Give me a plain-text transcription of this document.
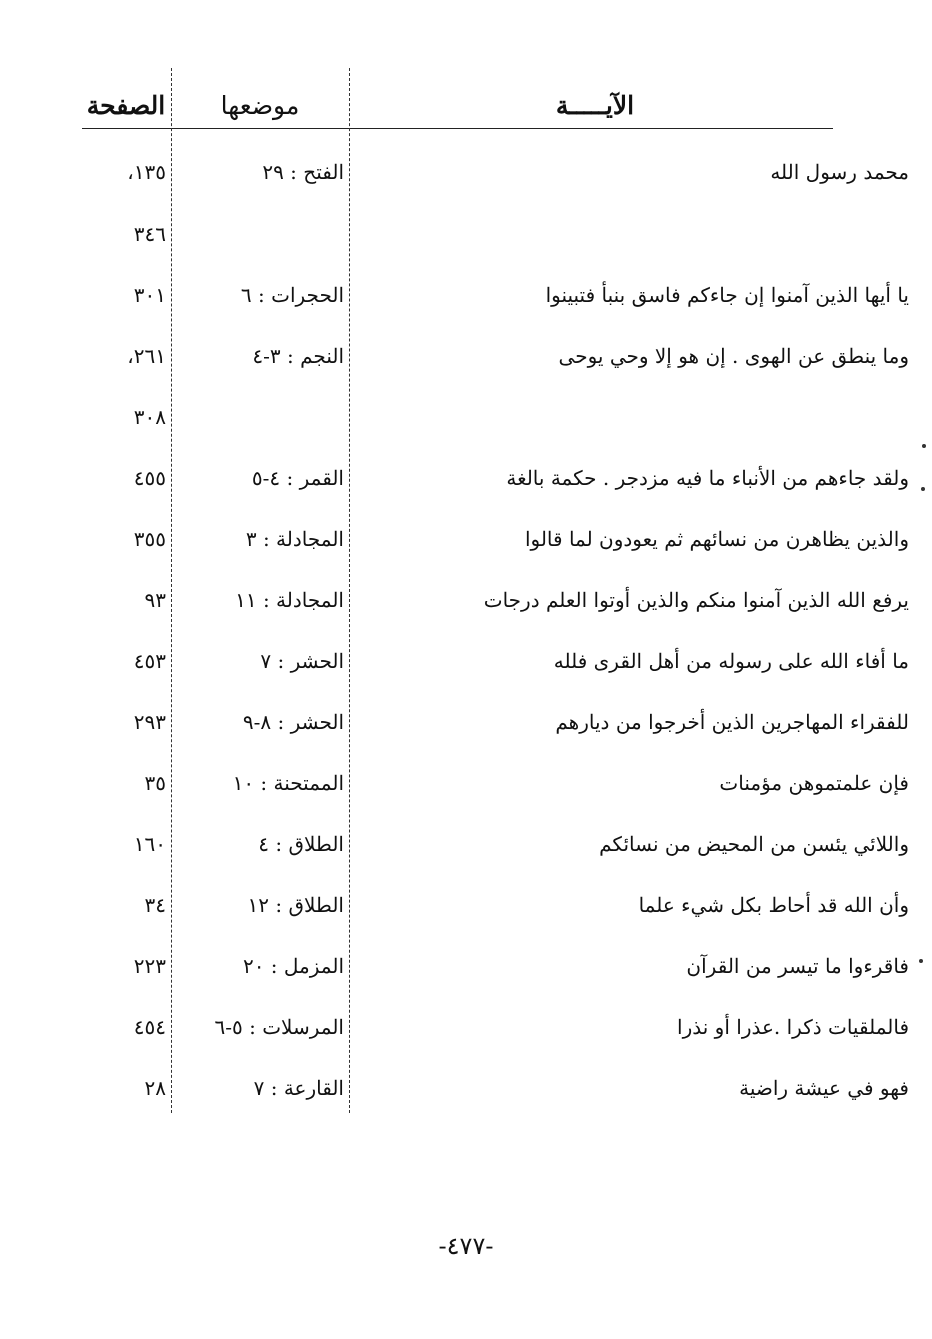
الآيـــــة
موضعها
الصفحة
محمد رسول الله
الفتح : ٢٩
١٣٥،
٣٤٦
يا أيها الذين آمنوا إن جاءكم فاسق بنبأ فتبينوا
الحجرات : ٦
٣٠١
وما ينطق عن الهوى . إن هو إلا وحي يوحى
النجم : ٣-٤
٢٦١،
٣٠٨
ولقد جاءهم من الأنباء ما فيه مزدجر . حكمة بالغة
القمر : ٤-٥
٤٥٥
والذين يظاهرن من نسائهم ثم يعودون لما قالوا
المجادلة : ٣
٣٥٥
يرفع الله الذين آمنوا منكم والذين أوتوا العلم درجات
المجادلة : ١١
٩٣
ما أفاء الله على رسوله من أهل القرى فلله
الحشر : ٧
٤٥٣
للفقراء المهاجرين الذين أخرجوا من ديارهم
الحشر : ٨-٩
٢٩٣
فإن علمتموهن مؤمنات
الممتحنة : ١٠
٣٥
واللائي يئسن من المحيض من نسائكم
الطلاق : ٤
١٦٠
وأن الله قد أحاط بكل شيء علما
الطلاق : ١٢
٣٤
فاقرءوا ما تيسر من القرآن
المزمل : ٢٠
٢٢٣
فالملقيات ذكرا .عذرا أو نذرا
المرسلات : ٥-٦
٤٥٤
فهو في عيشة راضية
القارعة : ٧
٢٨
-٤٧٧-
